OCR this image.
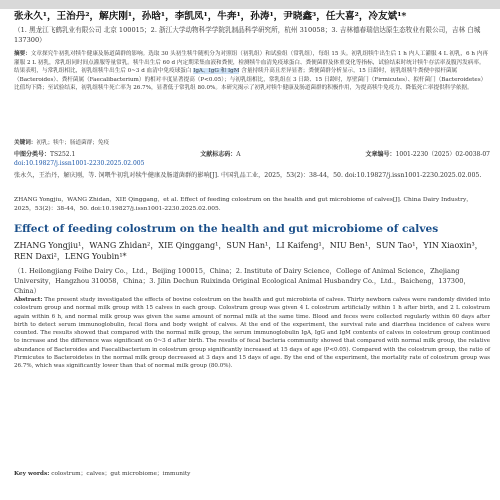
张永久¹，王治丹²，解庆刚¹，孙晗¹，李凯凤¹，牛奔¹，孙涛¹，尹晓鑫³，任大喜²，冷友斌¹*
（1. 黑龙江飞鹤乳业有限公司 北京 100015；2. 浙江大学动物科学学院乳制品科学研究所，杭州 310058；3. 吉林德春瑞信达原生态牧业有限公司，吉林 白城 137300）
摘要：文章探究牛初乳对犊牛健康及肠道菌群的影响。选取 30 头初生犊牛随机分为对照组（初乳组）和试验组（常乳组），每组 15 头。初乳组犊牛出生后 1 h 内人工灌服 4 L 初乳，6 h 内再灌服 2 L 初乳，常乳组同时间点灌服等量常乳。犊牛出生后 60 d 内定期采集血液和粪便，检测犊牛血清免疫球蛋白、粪便菌群及体重变化等指标，试验结束时统计犊牛存活率及腹泻发病率。结果表明，与常乳组相比，初乳组犊牛出生后 0~3 d 血清中免疫球蛋白 IgA、IgG 和 IgM 含量持续升高且差异显著；粪便菌群分析显示，15 日龄时，初乳组犊牛粪便中拟杆菌属（Bacteroides）、粪杆菌属（Faecalibacterium）的相对丰度显著提高（P<0.05）；与初乳组相比，常乳组在 3 日龄、15 日龄时，厚壁菌门（Firmicutes）、拟杆菌门（Bacteroidetes）比值均下降；至试验结束，初乳组犊牛死亡率为 26.7%，显著低于常乳组 80.0%。本研究揭示了初乳对犊牛健康及肠道菌群的积极作用，为提高犊牛免疫力、降低死亡率提供科学依据。
关键词：初乳；犊牛；肠道菌群；免疫
中图分类号：TS252.1	文献标志码：A	文章编号：1001-2230（2025）02-0038-07
doi:10.19827/j.issn1001-2230.2025.02.005
张永久，王治丹，解庆刚，等. 饲喂牛初乳对犊牛健康及肠道菌群的影响[J]. 中国乳品工业，2025，53(2)：38-44，50. doi:10.19827/j.issn1001-2230.2025.02.005.
ZHANG Yongjiu，WANG Zhidan，XIE Qinggang，et al. Effect of feeding colostrum on the health and gut microbiome of calves[J]. China Dairy Industry，2025，53(2)：38-44，50. doi:10.19827/j.issn1001-2230.2025.02.005.
Effect of feeding colostrum on the health and gut microbiome of calves
ZHANG Yongjiu¹，WANG Zhidan²，XIE Qinggang¹，SUN Han¹，LI Kaifeng¹，NIU Ben¹，SUN Tao¹，YIN Xiaoxin³，REN Daxi²，LENG Youbin¹*
（1. Heilongjiang Feihe Dairy Co.，Ltd.，Beijing 100015，China；2. Institute of Dairy Science，College of Animal Science，Zhejiang University，Hangzhou 310058，China；3. Jilin Dechun Ruixinda Original Ecological Animal Husbandry Co.，Ltd.，Baicheng，137300，China）
Abstract: The present study investigated the effects of bovine colostrum on the health and gut microbiota of calves. Thirty newborn calves were randomly divided into colostrum group and normal milk group with 15 calves in each group. Colostrum group was given 4 L colostrum artificially within 1 h after birth, and 2 L colostrum again within 6 h, and normal milk group was given the same amount of normal milk at the same time. Blood and feces were collected regularly within 60 days after birth to detect serum immunoglobulin, fecal flora and body weight of calves. At the end of the experiment, the survival rate and diarrhea incidence of calves were counted. The results showed that compared with the normal milk group, the serum immunoglobulin IgA, IgG and IgM contents of calves in colostrum group continued to increase and the difference was significant on 0~3 d after birth. The results of fecal bacteria community showed that compared with normal milk group, the relative abundance of Bacteroides and Faecalibacterium in colostrum group significantly increased at 15 days of age (P<0.05). Compared with the colostrum group, the ratio of Firmicutes to Bacteroidetes in the normal milk group decreased at 3 days and 15 days of age. By the end of the experiment, the mortality rate of colostrum group was 26.7%, which was significantly lower than that of normal milk group (80.0%).
Key words: colostrum；calves；gut microbiome；immunity
